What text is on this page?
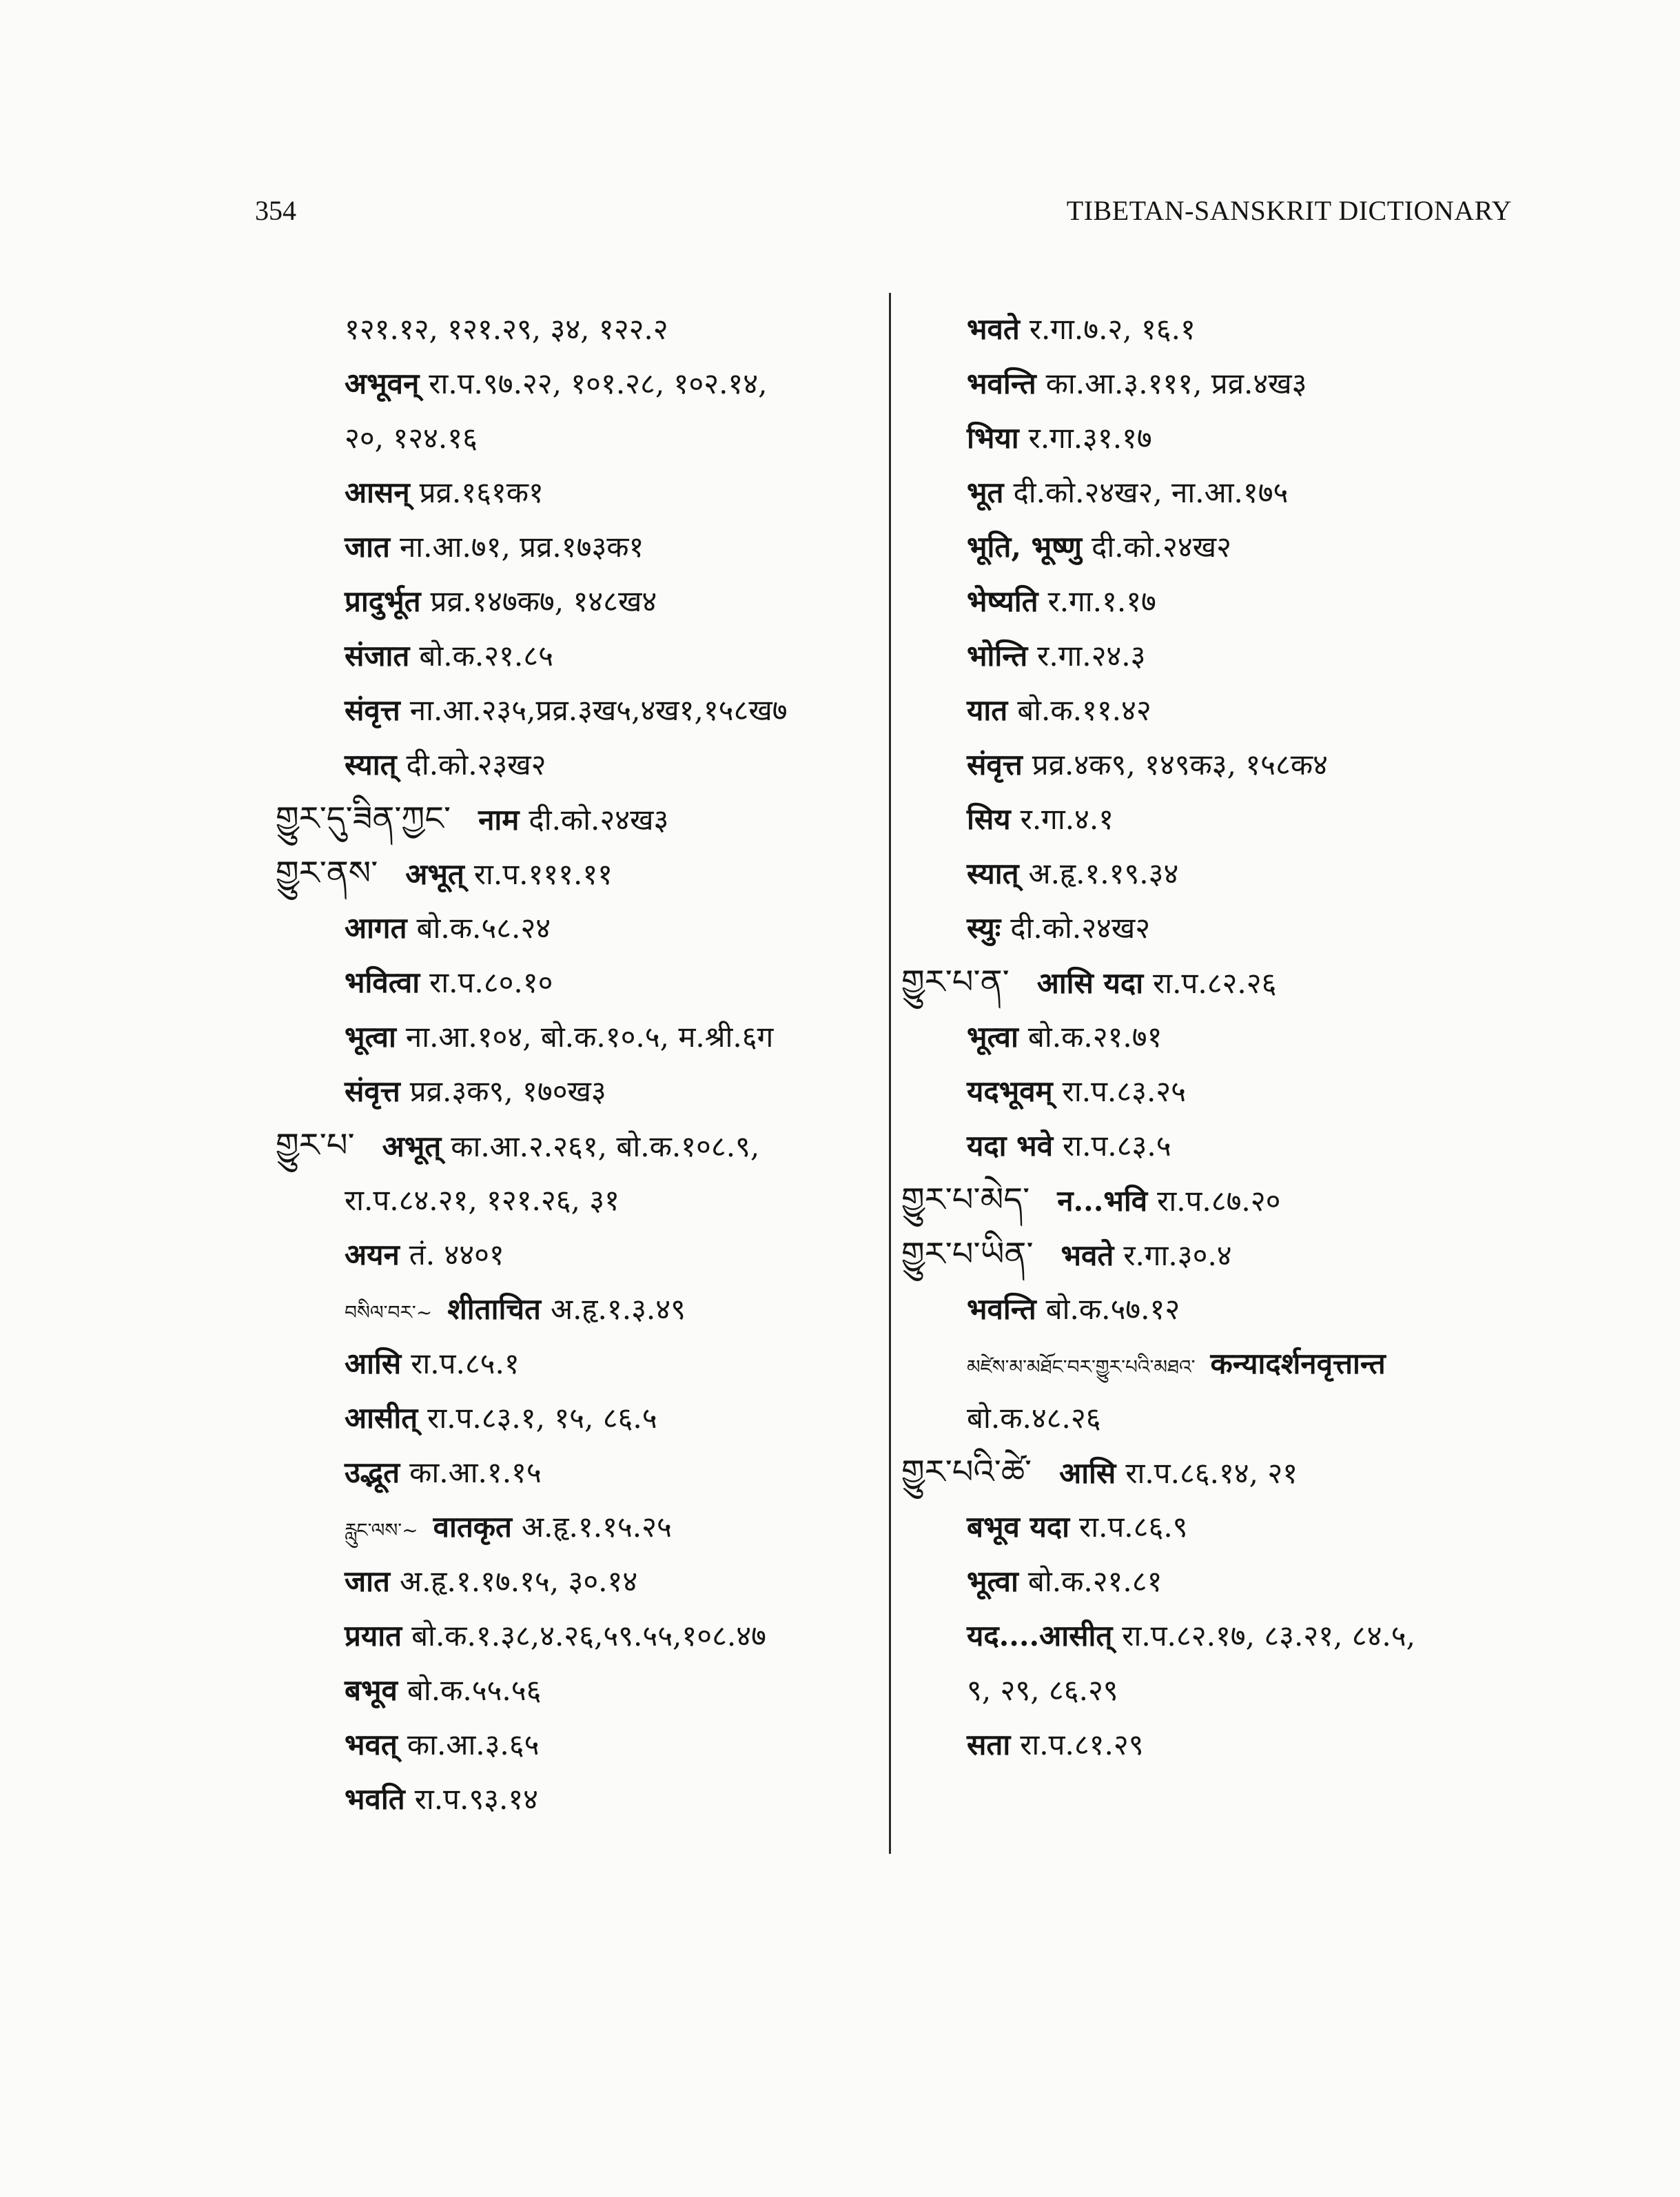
354	TIBETAN-SANSKRIT DICTIONARY
१२१.१२, १२१.२९, ३४, १२२.२
अभूवन् रा.प.९७.२२, १०१.२८, १०२.१४,
२०, १२४.१६
आसन् प्रव्र.१६१क१
जात ना.आ.७१, प्रव्र.१७३क१
प्रादुर्भूत प्रव्र.१४७क७, १४८ख४
संजात बो.क.२१.८५
संवृत्त ना.आ.२३५,प्रव्र.३ख५,४ख१,१५८ख७
स्यात् दी.को.२३ख२
གྱུར་དུ་ཟིན་ཀྱང་ नाम दी.को.२४ख३
གྱུར་ནས་ अभूत् रा.प.१११.११
आगत बो.क.५८.२४
भवित्वा रा.प.८०.१०
भूत्वा ना.आ.१०४, बो.क.१०.५, म.श्री.६ग
संवृत्त प्रव्र.३क९, १७०ख३
གྱུར་པ་ अभूत् का.आ.२.२६१, बो.क.१०८.९,
रा.प.८४.२१, १२१.२६, ३१
अयन तं. ४४०१
བསིལ་བར་~ शीताचित अ.हृ.१.३.४९
आसि रा.प.८५.१
आसीत् रा.प.८३.१, १५, ८६.५
उद्भूत का.आ.१.१५
རླུང་ལས་~ वातकृत अ.हृ.१.१५.२५
जात अ.हृ.१.१७.१५, ३०.१४
प्रयात बो.क.१.३८,४.२६,५९.५५,१०८.४७
बभूव बो.क.५५.५६
भवत् का.आ.३.६५
भवति रा.प.९३.१४
भवते र.गा.७.२, १६.१
भवन्ति का.आ.३.१११, प्रव्र.४ख३
भिया र.गा.३१.१७
भूत दी.को.२४ख२, ना.आ.१७५
भूति, भूष्णु दी.को.२४ख२
भेष्यति र.गा.१.१७
भोन्ति र.गा.२४.३
यात बो.क.११.४२
संवृत्त प्रव्र.४क९, १४९क३, १५८क४
सिय र.गा.४.१
स्यात् अ.हृ.१.१९.३४
स्युः दी.को.२४ख२
གྱུར་པ་ན་ आसि यदा रा.प.८२.२६
भूत्वा बो.क.२१.७१
यदभूवम् रा.प.८३.२५
यदा भवे रा.प.८३.५
གྱུར་པ་མེད་ न...भवि रा.प.८७.२०
གྱུར་པ་ཡིན་ भवते र.गा.३०.४
भवन्ति बो.क.५७.१२
མཛེས་མ་མཐོང་བར་གྱུར་པའི་མཐའ་ कन्यादर्शनवृत्तान्त
बो.क.४८.२६
གྱུར་པའི་ཚེ་ आसि रा.प.८६.१४, २१
बभूव यदा रा.प.८६.९
भूत्वा बो.क.२१.८१
यद....आसीत् रा.प.८२.१७, ८३.२१, ८४.५,
९, २९, ८६.२९
सता रा.प.८१.२९
